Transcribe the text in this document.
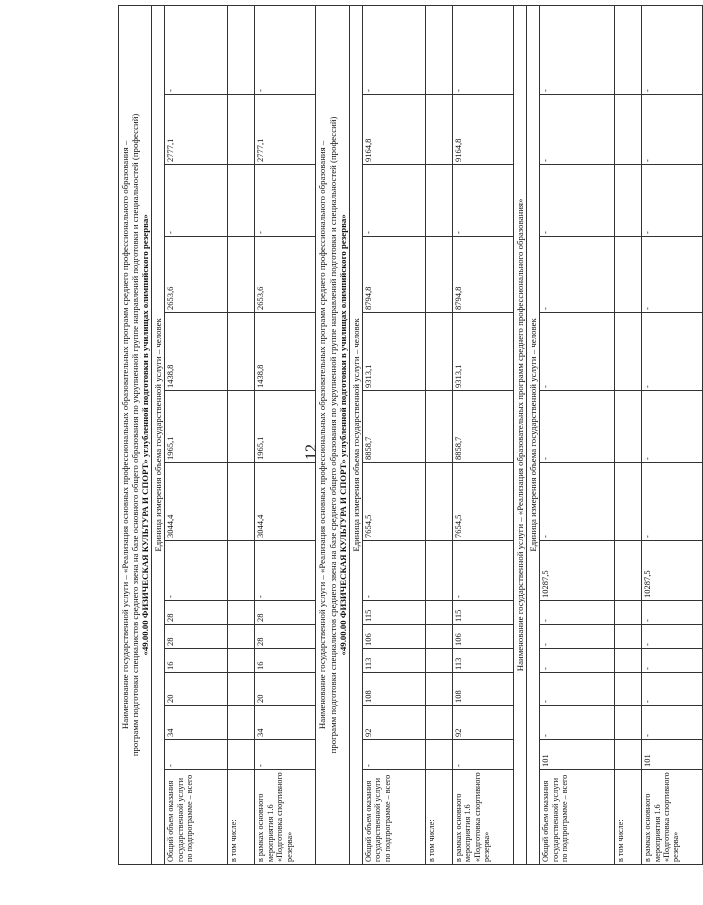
12
Наименование государственной услуги – «Реализация основных профессиональных образовательных программ среднего профессионального образования – программ подготовки специалистов среднего звена на базе основного общего образования по укрупненной группе направлений подготовки и специальностей (профессий) «49.00.00 ФИЗИЧЕСКАЯ КУЛЬТУРА И СПОРТ» углубленной подготовки в училищах олимпийского резерва»														

Единица измерения объема государственной услуги – человек														
Общий объем оказания государственной услуги по подпрограмме – всего	-	34	20	16	28	28	-	3044,4	1965,1	1438,8	2653,6	-	2777,1	-
в том числе:														
в рамках основного мероприятия 1.6 «Подготовка спортивного резерва»	-	34	20	16	28	28	-	3044,4	1965,1	1438,8	2653,6	-	2777,1	-

Наименование государственной услуги – «Реализация основных профессиональных образовательных программ среднего профессионального образования – программ подготовки специалистов среднего звена на базе среднего общего образования по укрупненной группе направлений подготовки и специальностей (профессий) «49.00.00 ФИЗИЧЕСКАЯ КУЛЬТУРА И СПОРТ» углубленной подготовки в училищах олимпийского резерва»														

Единица измерения объема государственной услуги – человек														
Общий объем оказания государственной услуги по подпрограмме – всего	-	92	108	113	106	115	-	7654,5	8858,7	9313,1	8794,8	-	9164,8	-
в том числе:														
в рамках основного мероприятия 1.6 «Подготовка спортивного резерва»	-	92	108	113	106	115	-	7654,5	8858,7	9313,1	8794,8	-	9164,8	-

Наименование государственной услуги – «Реализация образовательных программ среднего профессионального образования»														

Единица измерения объема государственной услуги – человек														
Общий объем оказания государственной услуги по подпрограмме – всего	101	-	-	-	-	-	10287,5	-	-	-	-	-	-	-
в том числе:														
в рамках основного мероприятия 1.6 «Подготовка спортивного резерва»	101	-	-	-	-	-	10287,5	-	-	-	-	-	-	-
